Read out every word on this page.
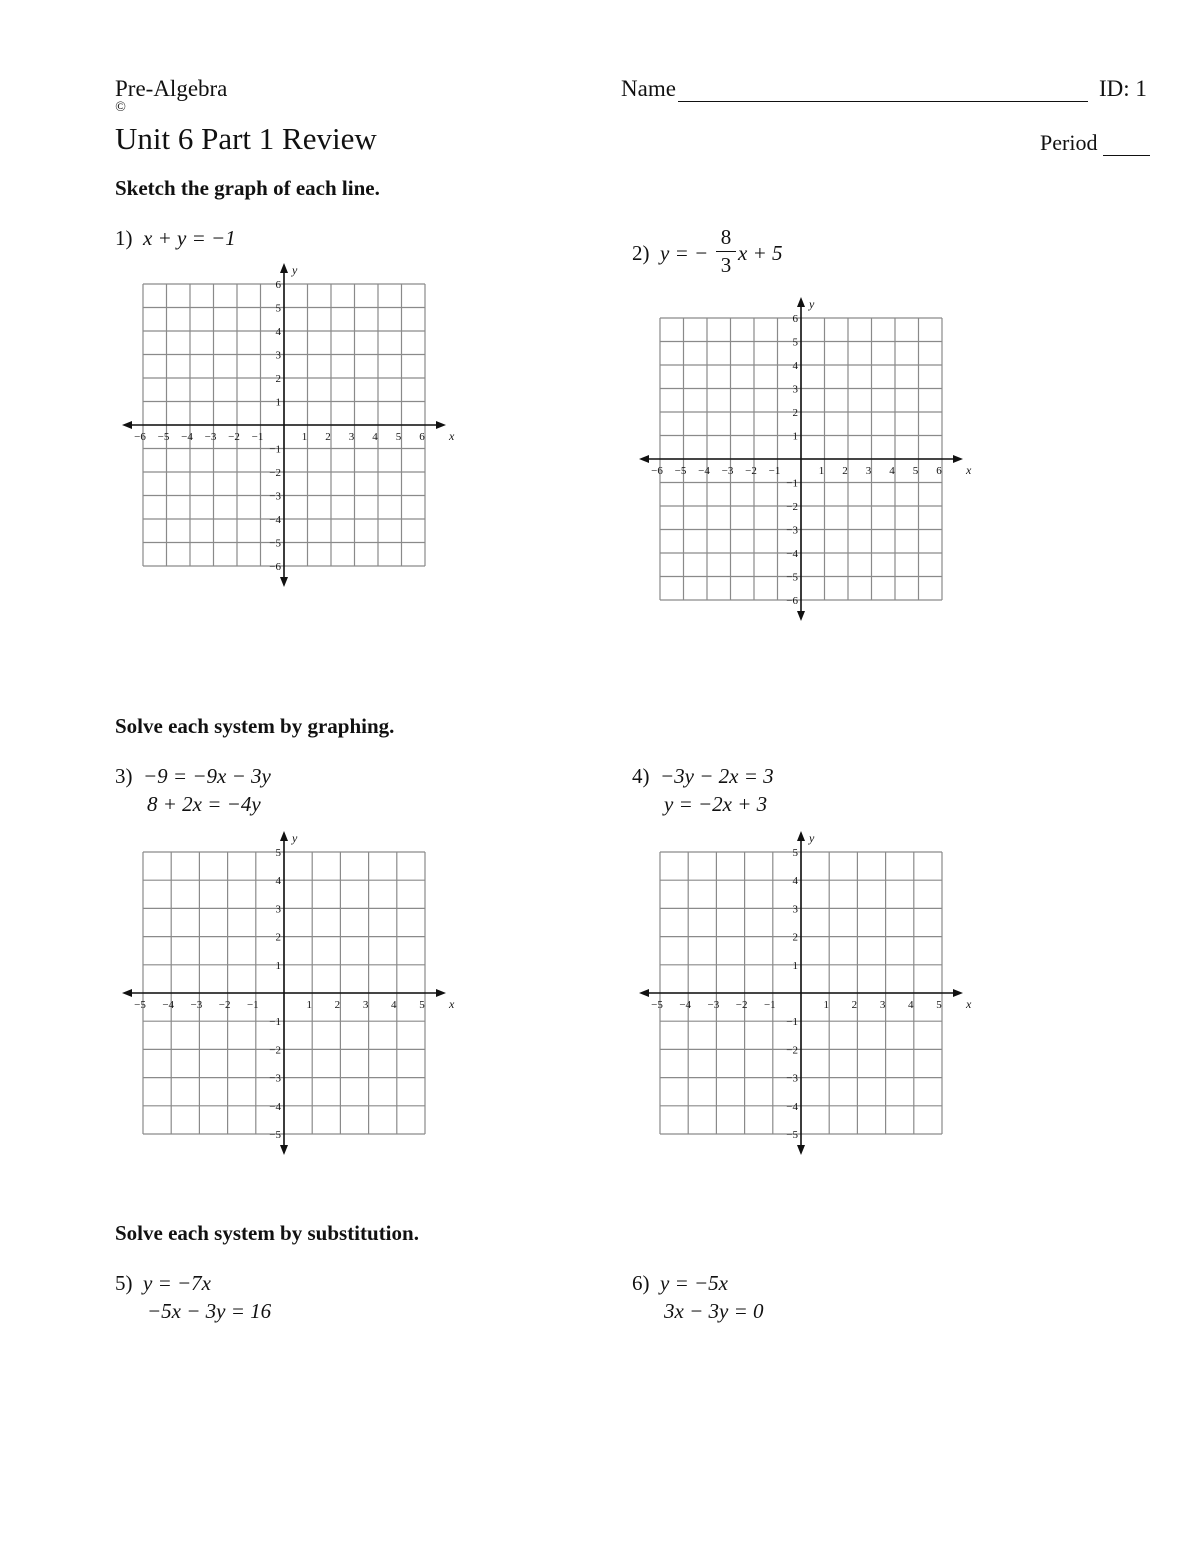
Pre-Algebra
©
Unit 6 Part 1 Review
Name	ID: 1
Period
Sketch the graph of each line.
Solve each system by graphing.
Solve each system by substitution.
1) x + y = −1
2) y = −
8
3 x + 5
3) −9 = −9x − 3y
8 + 2x = −4y
4) −3y − 2x = 3
y = −2x + 3
5) y = −7x
−5x − 3y = 16
6) y = −5x
3x − 3y = 0
−6
−6
−5
−5
−4
−4
−3
−3
−2
−2
−1
−1
1
1
2
2
3
3
4
4
5
5
6
6
x
y
−6
−6
−5
−5
−4
−4
−3
−3
−2
−2
−1
−1
1
1
2
2
3
3
4
4
5
5
6
6
x
y
−5
−5
−4
−4
−3
−3
−2
−2
−1
−1
1
1
2
2
3
3
4
4
5
5
x
y
−5
−5
−4
−4
−3
−3
−2
−2
−1
−1
1
1
2
2
3
3
4
4
5
5
x
y
